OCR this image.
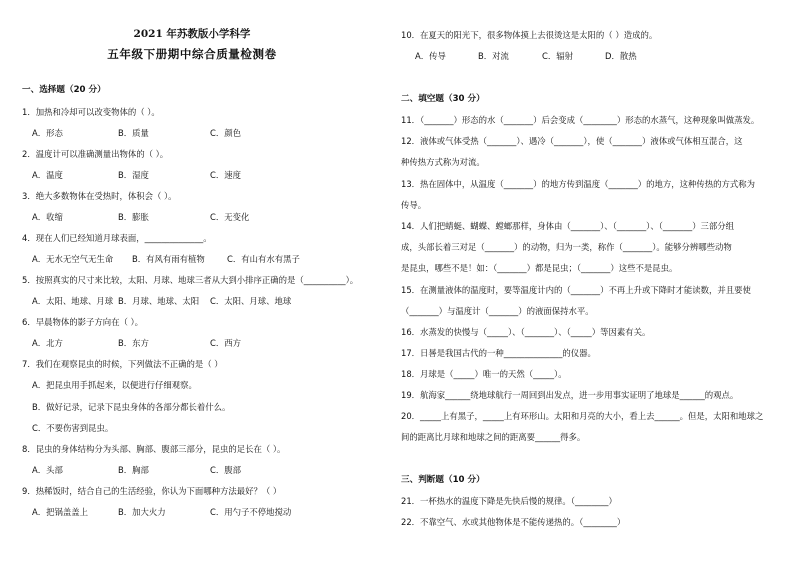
2021 年苏教版小学科学
五年级下册期中综合质量检测卷
一、选择题（20 分）
1．加热和冷却可以改变物体的（ ）。
A．形态	B．质量	C．颜色
2．温度计可以准确测量出物体的（ ）。
A．温度	B．湿度	C．速度
3．绝大多数物体在受热时，体积会（ ）。
A．收缩	B．膨胀	C．无变化
4．现在人们已经知道月球表面，______________。
A．无水无空气无生命 B．有风有雨有植物	C．有山有水有黑子
5．按照真实的尺寸来比较，太阳、月球、地球三者从大到小排序正确的是（__________）。
A．太阳、地球、月球 B．月球、地球、太阳 C．太阳、月球、地球
6．早晨物体的影子方向在（ ）。
A．北方	B．东方	C．西方
7．我们在观察昆虫的时候，下列做法不正确的是（ ）
A．把昆虫用手抓起来，以便进行仔细观察。
B．做好记录，记录下昆虫身体的各部分都长着什么。
C．不要伤害到昆虫。
8．昆虫的身体结构分为头部、胸部、腹部三部分，昆虫的足长在（ ）。
A．头部	B．胸部	C．腹部
9．热稀饭时，结合自己的生活经验，你认为下面哪种方法最好？（ ）
A．把锅盖盖上	B．加大火力	C．用勺子不停地搅动
10．在夏天的阳光下，很多物体摸上去很烫这是太阳的（ ）造成的。
A．传导	B．对流	C．辐射	D．散热
二、填空题（30 分）
11．（_______）形态的水（_______）后会变成（________）形态的水蒸气，这种现象叫做蒸发。
12．液体或气体受热（_______）、遇冷（_______），使（_______）液体或气体相互混合，这
种传热方式称为对流。
13．热在固体中，从温度（_______）的地方传到温度（_______）的地方，这种传热的方式称为
传导。
14．人们把蜻蜓、蝴蝶、螳螂那样，身体由（_______）、（_______）、（_______）三部分组
成，头部长着三对足（_______）的动物，归为一类，称作（_______）。能够分辨哪些动物
是昆虫，哪些不是！如：（_______）都是昆虫；（_______）这些不是昆虫。
15．在测量液体的温度时，要等温度计内的（_______）不再上升或下降时才能读数，并且要使
（_______）与温度计（_______）的液面保持水平。
16．水蒸发的快慢与（_____）、（_______）、（_____）等因素有关。
17．日晷是我国古代的一种______________的仪器。
18．月球是（_____）唯一的天然（_____）。
19．航海家______绕地球航行一周回到出发点，进一步用事实证明了地球是______的观点。
20．_____上有黑子，_____上有环形山。太阳和月亮的大小，看上去______。但是，太阳和地球之
间的距离比月球和地球之间的距离要______得多。
三、判断题（10 分）
21．一杯热水的温度下降是先快后慢的规律。（________）
22．不靠空气、水或其他物体是不能传递热的。（________）
